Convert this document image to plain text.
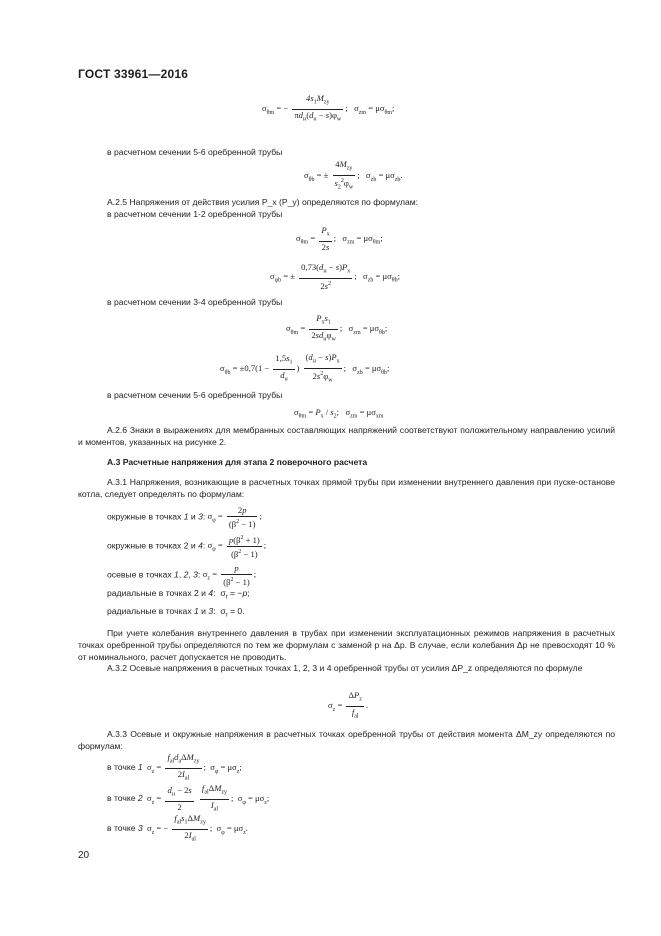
ГОСТ 33961—2016
$\sigma_{\theta m}$ = − $\frac{4s_1M_{zy}}{\pi d_н(d_н - s)\varphi_w}$ ;   $\sigma_{zm} = \mu\sigma_{\theta m}$;
в расчетном сечении 5-6 оребренной трубы
$\sigma_{\theta b}$ = ± $\frac{4M_{zy}}{s_2^2\varphi_w}$ ;   $\sigma_{zb} = \mu\sigma_{zb}$.
А.2.5 Напряжения от действия усилия P_x (P_y) определяются по формулам:
в расчетном сечении 1-2 оребренной трубы
$\sigma_{\theta m} = \frac{P_x}{2s}$ ;   $\sigma_{zm} = \mu\sigma_{\theta m}$;
$\sigma_{\varphi b}$ = ± $\frac{0,73(d_н - s)P_x}{2s^2}$ ;   $\sigma_{zb} = \mu\sigma_{\theta b}$;
в расчетном сечении 3-4 оребренной трубы
$\sigma_{\theta m} = \frac{P_xs_1}{2sd_н\varphi_w}$ ;   $\sigma_{zm} = \mu\sigma_{\theta b}$;
$\sigma_{\theta b} = \pm 0,7(1 - \frac{1,5s_1}{d_н}$ ) $\frac{(d_н - s)P_x}{2s^2\varphi_w}$ ;   $\sigma_{zb} = \mu\sigma_{\theta b}$;
в расчетном сечении 5-6 оребренной трубы
$\sigma_{\theta m} = P_x / s_2$;   $\sigma_{zm} = \mu\sigma_{xm}$
А.2.6 Знаки в выражениях для мембранных составляющих напряжений соответствуют положительному направлению усилий и моментов, указанных на рисунке 2.
А.3 Расчетные напряжения для этапа 2 поверочного расчета
А.3.1 Напряжения, возникающие в расчетных точках прямой трубы при изменении внутреннего давления при пуске-останове котла, следует определять по формулам:
окружные в точках 1 и 3: $\sigma_\varphi = \frac{2p}{(\beta^2 - 1)}$ ;
окружные в точках 2 и 4: $\sigma_\varphi = \frac{p(\beta^2 + 1)}{(\beta^2 - 1)}$ ;
осевые в точках 1, 2, 3: $\sigma_z = \frac{p}{(\beta^2 - 1)}$ ;
радиальные в точках 2 и 4:  $\sigma_r = -p$;
радиальные в точках 1 и 3:  $\sigma_r = 0$.
При учете колебания внутреннего давления в трубах при изменении эксплуатационных режимов напряжения в расчетных точках оребренной трубы определяются по тем же формулам с заменой p на Δp. В случае, если колебания Δp не превосходят 10 % от номинального, расчет допускается не проводить.
А.3.2 Осевые напряжения в расчетных точках 1, 2, 3 и 4 оребренной трубы от усилия ΔP_z определяются по формуле
$\sigma_z = \frac{\Delta P_z}{f_{al}}$ .
А.3.3 Осевые и окружные напряжения в расчетных точках оребренной трубы от действия момента ΔM_zy определяются по формулам:
в точке 1  $\sigma_z = \frac{f_{al}d_a\Delta M_{zy}}{2I_{al}}$ ;  $\sigma_\varphi = \mu\sigma_z$;
в точке 2  $\sigma_z = \frac{d_н - 2s}{2}$
$\frac{f_{al}\Delta M_{zy}}{I_{al}}$ ;  $\sigma_\varphi = \mu\sigma_z$;
в точке 3  $\sigma_z$ = − $\frac{f_{al}s_1\Delta M_{zy}}{2I_{al}}$ ;  $\sigma_\varphi = \mu\sigma_z$.
20
